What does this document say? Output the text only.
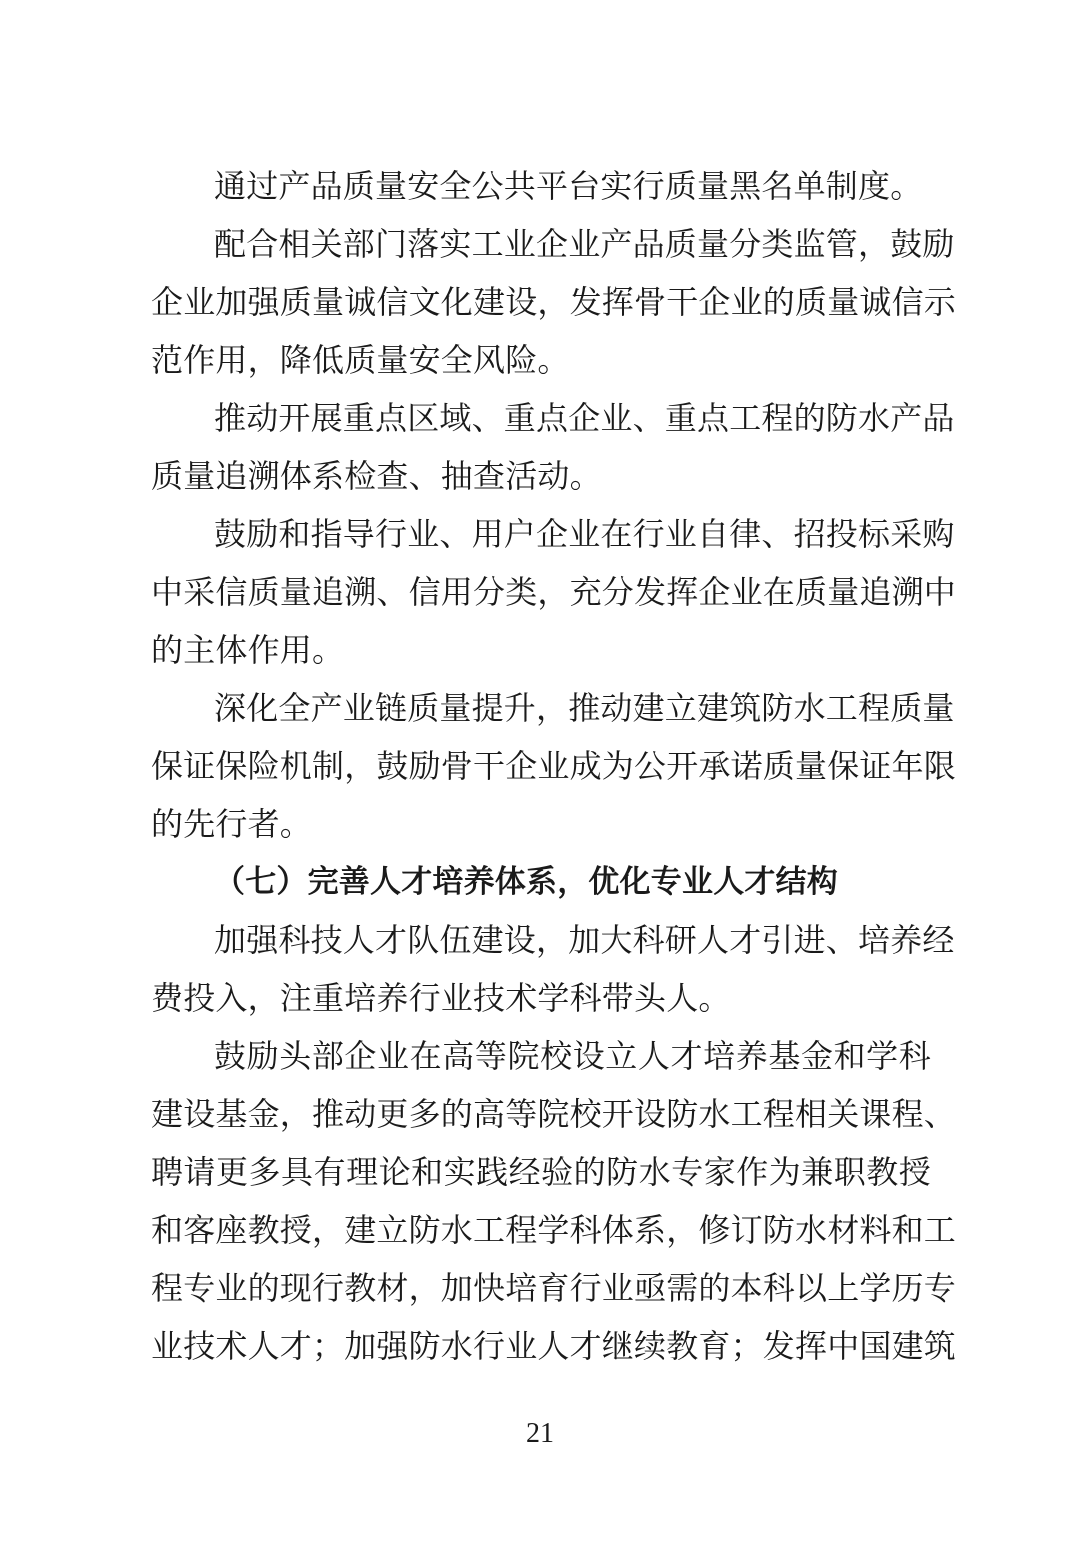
通过产品质量安全公共平台实行质量黑名单制度。
配合相关部门落实工业企业产品质量分类监管，鼓励
企业加强质量诚信文化建设，发挥骨干企业的质量诚信示
范作用，降低质量安全风险。
推动开展重点区域、重点企业、重点工程的防水产品
质量追溯体系检查、抽查活动。
鼓励和指导行业、用户企业在行业自律、招投标采购
中采信质量追溯、信用分类，充分发挥企业在质量追溯中
的主体作用。
深化全产业链质量提升，推动建立建筑防水工程质量
保证保险机制，鼓励骨干企业成为公开承诺质量保证年限
的先行者。
（七）完善人才培养体系，优化专业人才结构
加强科技人才队伍建设，加大科研人才引进、培养经
费投入，注重培养行业技术学科带头人。
鼓励头部企业在高等院校设立人才培养基金和学科
建设基金，推动更多的高等院校开设防水工程相关课程、
聘请更多具有理论和实践经验的防水专家作为兼职教授
和客座教授，建立防水工程学科体系，修订防水材料和工
程专业的现行教材，加快培育行业亟需的本科以上学历专
业技术人才；加强防水行业人才继续教育；发挥中国建筑
21
